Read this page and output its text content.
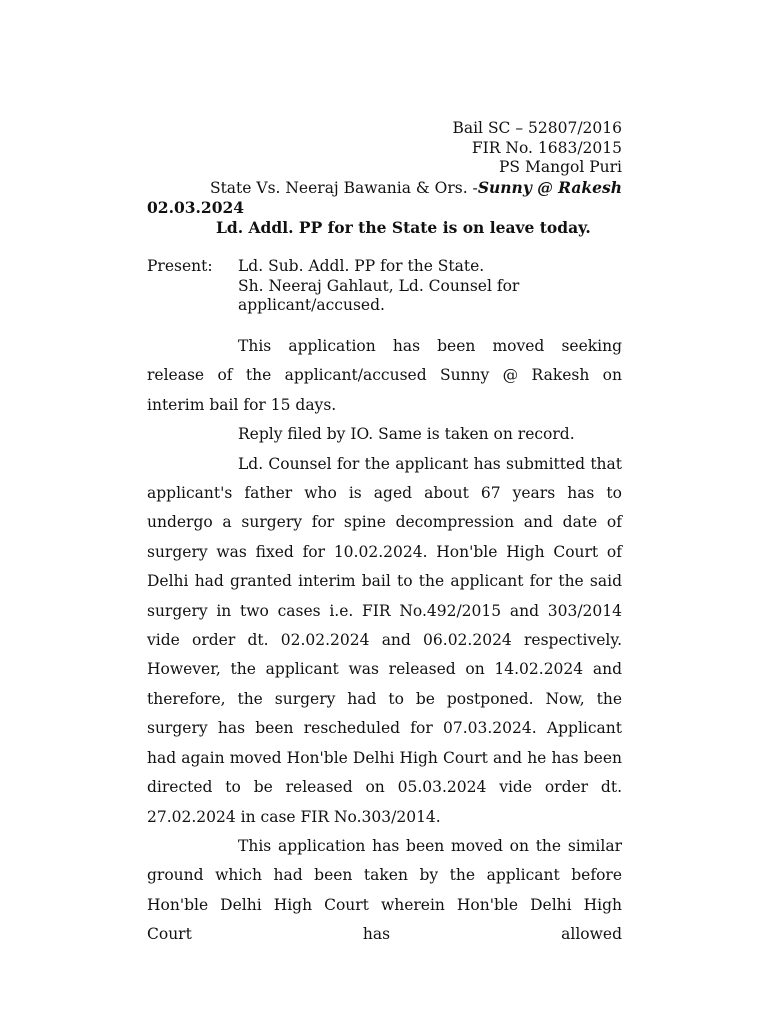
Bail SC – 52807/2016
FIR No. 1683/2015
PS Mangol Puri
State Vs. Neeraj Bawania & Ors. -Sunny @ Rakesh
02.03.2024
Ld. Addl. PP for the State is on leave today.
Present: Ld. Sub. Addl. PP for the State.
Sh. Neeraj Gahlaut, Ld. Counsel for
applicant/accused.

This application has been moved seeking release of the applicant/accused Sunny @ Rakesh on interim bail for 15 days.

Reply filed by IO. Same is taken on record.

Ld. Counsel for the applicant has submitted that applicant's father who is aged about 67 years has to undergo a surgery for spine decompression and date of surgery was fixed for 10.02.2024. Hon'ble High Court of Delhi had granted interim bail to the applicant for the said surgery in two cases i.e. FIR No.492/2015 and 303/2014 vide order dt. 02.02.2024 and 06.02.2024 respectively. However, the applicant was released on 14.02.2024 and therefore, the surgery had to be postponed. Now, the surgery has been rescheduled for 07.03.2024. Applicant had again moved Hon'ble Delhi High Court and he has been directed to be released on 05.03.2024 vide order dt. 27.02.2024 in case FIR No.303/2014.

This application has been moved on the similar ground which had been taken by the applicant before Hon'ble Delhi High Court wherein Hon'ble Delhi High Court has allowed
